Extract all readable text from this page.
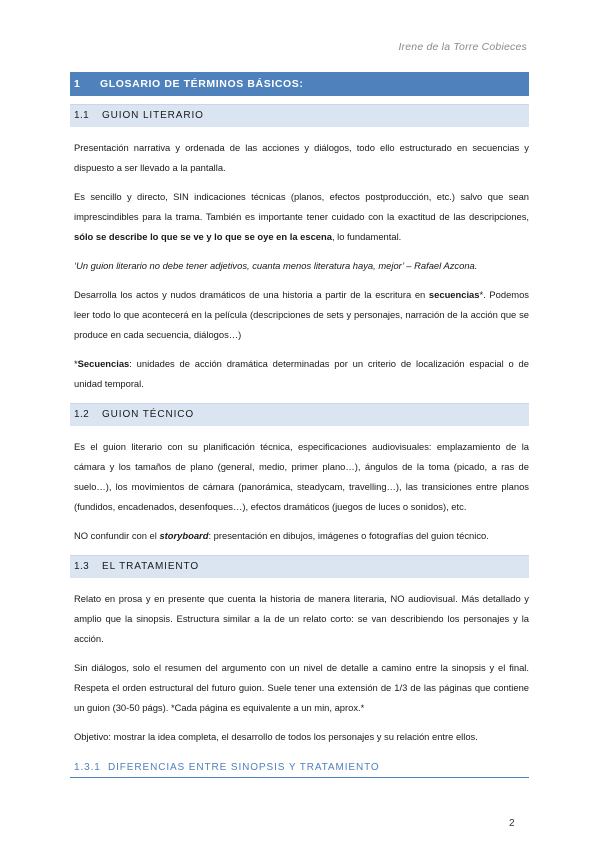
Irene de la Torre Cobieces
1 GLOSARIO DE TÉRMINOS BÁSICOS:
1.1 GUION LITERARIO

Presentación narrativa y ordenada de las acciones y diálogos, todo ello estructurado en secuencias y dispuesto a ser llevado a la pantalla.

Es sencillo y directo, SIN indicaciones técnicas (planos, efectos postproducción, etc.) salvo que sean imprescindibles para la trama. También es importante tener cuidado con la exactitud de las descripciones, sólo se describe lo que se ve y lo que se oye en la escena, lo fundamental.

‘Un guion literario no debe tener adjetivos, cuanta menos literatura haya, mejor’ – Rafael Azcona.

Desarrolla los actos y nudos dramáticos de una historia a partir de la escritura en secuencias*. Podemos leer todo lo que acontecerá en la película (descripciones de sets y personajes, narración de la acción que se produce en cada secuencia, diálogos…)

*Secuencias: unidades de acción dramática determinadas por un criterio de localización espacial o de unidad temporal.

1.2 GUION TÉCNICO

Es el guion literario con su planificación técnica, especificaciones audiovisuales: emplazamiento de la cámara y los tamaños de plano (general, medio, primer plano…), ángulos de la toma (picado, a ras de suelo…), los movimientos de cámara (panorámica, steadycam, travelling…), las transiciones entre planos (fundidos, encadenados, desenfoques…), efectos dramáticos (juegos de luces o sonidos), etc.

NO confundir con el storyboard: presentación en dibujos, imágenes o fotografías del guion técnico.

1.3 EL TRATAMIENTO

Relato en prosa y en presente que cuenta la historia de manera literaria, NO audiovisual. Más detallado y amplio que la sinopsis. Estructura similar a la de un relato corto: se van describiendo los personajes y la acción.

Sin diálogos, solo el resumen del argumento con un nivel de detalle a camino entre la sinopsis y el final. Respeta el orden estructural del futuro guion. Suele tener una extensión de 1/3 de las páginas que contiene un guion (30-50 págs). *Cada página es equivalente a un min, aprox.*

Objetivo: mostrar la idea completa, el desarrollo de todos los personajes y su relación entre ellos.

1.3.1 DIFERENCIAS ENTRE SINOPSIS Y TRATAMIENTO
2
